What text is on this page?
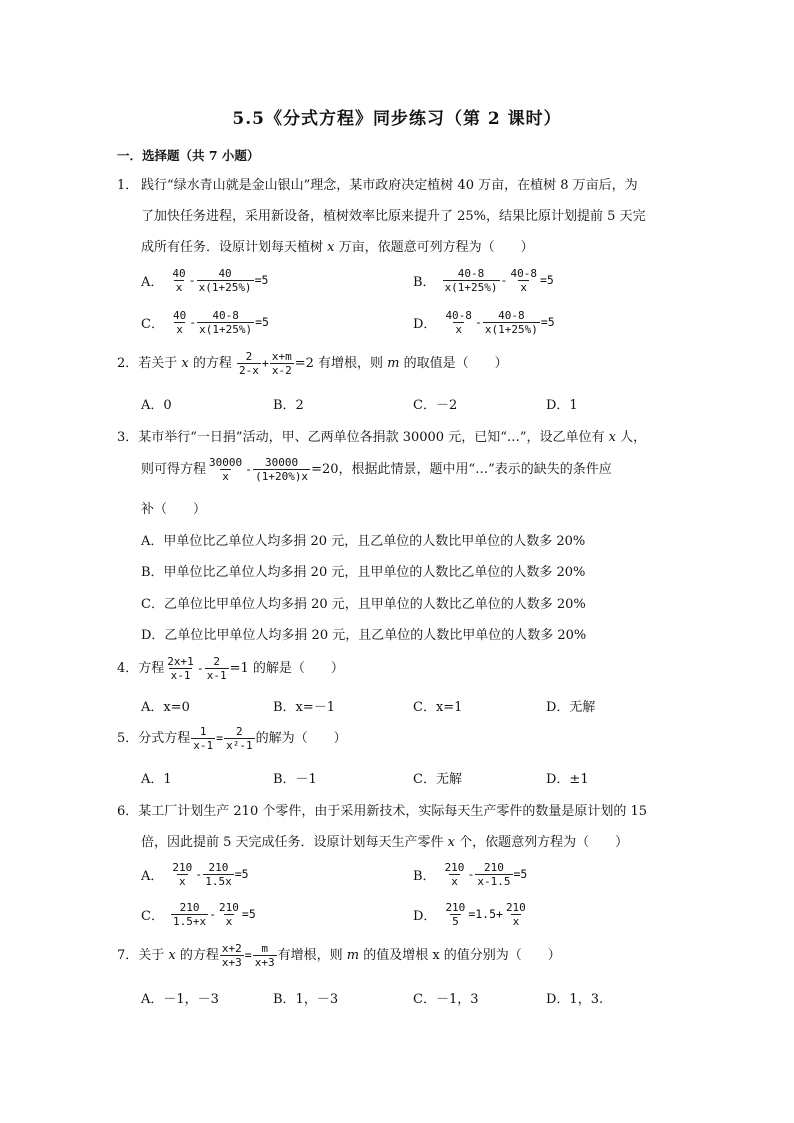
5.5《分式方程》同步练习（第 2 课时）
一．选择题（共 7 小题）
1． 践行“绿水青山就是金山银山”理念，某市政府决定植树 40 万亩，在植树 8 万亩后，为
了加快任务进程，采用新设备，植树效率比原来提升了 25%，结果比原计划提前 5 天完
成所有任务．设原计划每天植树 x 万亩，依题意可列方程为（　　）
A． $\frac{40}{x} - \frac{40}{x(1+25\%)} =5$	B． $\frac{40-8}{x(1+25\%)} - \frac{40-8}{x} =5$
C． $\frac{40}{x} - \frac{40-8}{x(1+25\%)} =5$	D． $\frac{40-8}{x} - \frac{40-8}{x(1+25\%)} =5$
2．若关于 x 的方程 $\frac{2}{2-x} + \frac{x+m}{x-2} =2$ 有增根，则 m 的取值是（　　）
A．0	B．2	C．－2	D．1
3．某市举行“一日捐”活动，甲、乙两单位各捐款 30000 元，已知“…”，设乙单位有 x 人，
则可得方程 $\frac{30000}{x} - \frac{30000}{(1+20\%)x} =20$，根据此情景，题中用“…”表示的缺失的条件应
补（　　）
A．甲单位比乙单位人均多捐 20 元，且乙单位的人数比甲单位的人数多 20%
B．甲单位比乙单位人均多捐 20 元，且甲单位的人数比乙单位的人数多 20%
C．乙单位比甲单位人均多捐 20 元，且甲单位的人数比乙单位的人数多 20%
D．乙单位比甲单位人均多捐 20 元，且乙单位的人数比甲单位的人数多 20%
4．方程 $\frac{2x+1}{x-1} - \frac{2}{x-1} =1$ 的解是（　　）
A．x=0	B．x=－1	C．x=1	D．无解
5．分式方程 $\frac{1}{x-1} = \frac{2}{\text{x²-1}}$ 的解为（　　）
A．1	B．－1	C．无解	D．±1
6．某工厂计划生产 210 个零件，由于采用新技术，实际每天生产零件的数量是原计划的 15
倍，因此提前 5 天完成任务．设原计划每天生产零件 x 个，依题意列方程为（　　）
A． $\frac{210}{x} - \frac{210}{1.5x} =5$	B． $\frac{210}{x} - \frac{210}{x-1.5} =5$
C． $\frac{210}{1.5+x} - \frac{210}{x} =5$	D． $\frac{210}{5} =1.5+ \frac{210}{x}$
7．关于 x 的方程 $\frac{x+2}{x+3} = \frac{m}{x+3}$ 有增根，则 m 的值及增根 x 的值分别为（　　）
A．－1，－3	B．1，－3	C．－1，3	D．1，3.
